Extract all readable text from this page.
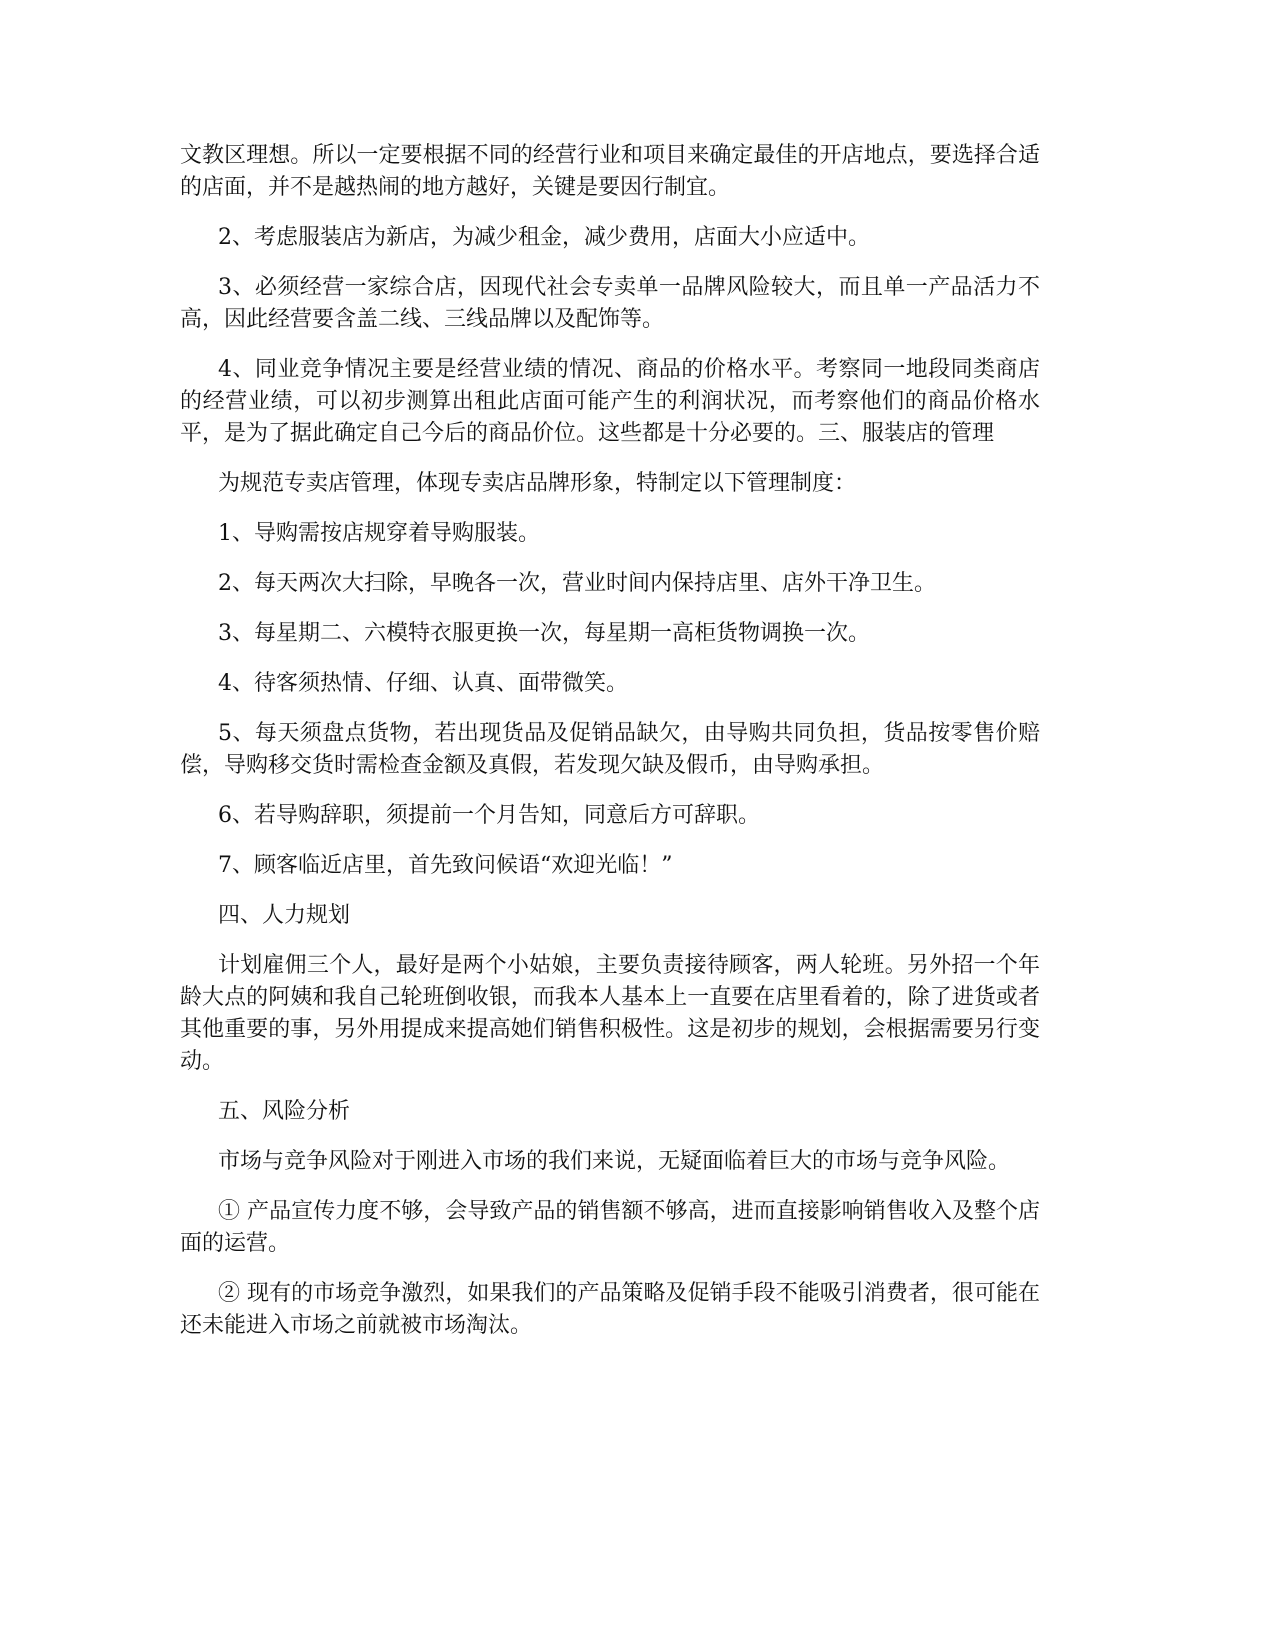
文教区理想。所以一定要根据不同的经营行业和项目来确定最佳的开店地点，要选择合适的店面，并不是越热闹的地方越好，关键是要因行制宜。

2、考虑服装店为新店，为减少租金，减少费用，店面大小应适中。

3、必须经营一家综合店，因现代社会专卖单一品牌风险较大，而且单一产品活力不高，因此经营要含盖二线、三线品牌以及配饰等。

4、同业竞争情况主要是经营业绩的情况、商品的价格水平。考察同一地段同类商店的经营业绩，可以初步测算出租此店面可能产生的利润状况，而考察他们的商品价格水平，是为了据此确定自己今后的商品价位。这些都是十分必要的。三、服装店的管理

为规范专卖店管理，体现专卖店品牌形象，特制定以下管理制度：

1、导购需按店规穿着导购服装。

2、每天两次大扫除，早晚各一次，营业时间内保持店里、店外干净卫生。

3、每星期二、六模特衣服更换一次，每星期一高柜货物调换一次。

4、待客须热情、仔细、认真、面带微笑。

5、每天须盘点货物，若出现货品及促销品缺欠，由导购共同负担，货品按零售价赔偿，导购移交货时需检查金额及真假，若发现欠缺及假币，由导购承担。

6、若导购辞职，须提前一个月告知，同意后方可辞职。

7、顾客临近店里，首先致问候语“欢迎光临！”

四、人力规划

计划雇佣三个人，最好是两个小姑娘，主要负责接待顾客，两人轮班。另外招一个年龄大点的阿姨和我自己轮班倒收银，而我本人基本上一直要在店里看着的，除了进货或者其他重要的事，另外用提成来提高她们销售积极性。这是初步的规划，会根据需要另行变动。

五、风险分析

市场与竞争风险对于刚进入市场的我们来说，无疑面临着巨大的市场与竞争风险。

① 产品宣传力度不够，会导致产品的销售额不够高，进而直接影响销售收入及整个店面的运营。

② 现有的市场竞争激烈，如果我们的产品策略及促销手段不能吸引消费者，很可能在还未能进入市场之前就被市场淘汰。
